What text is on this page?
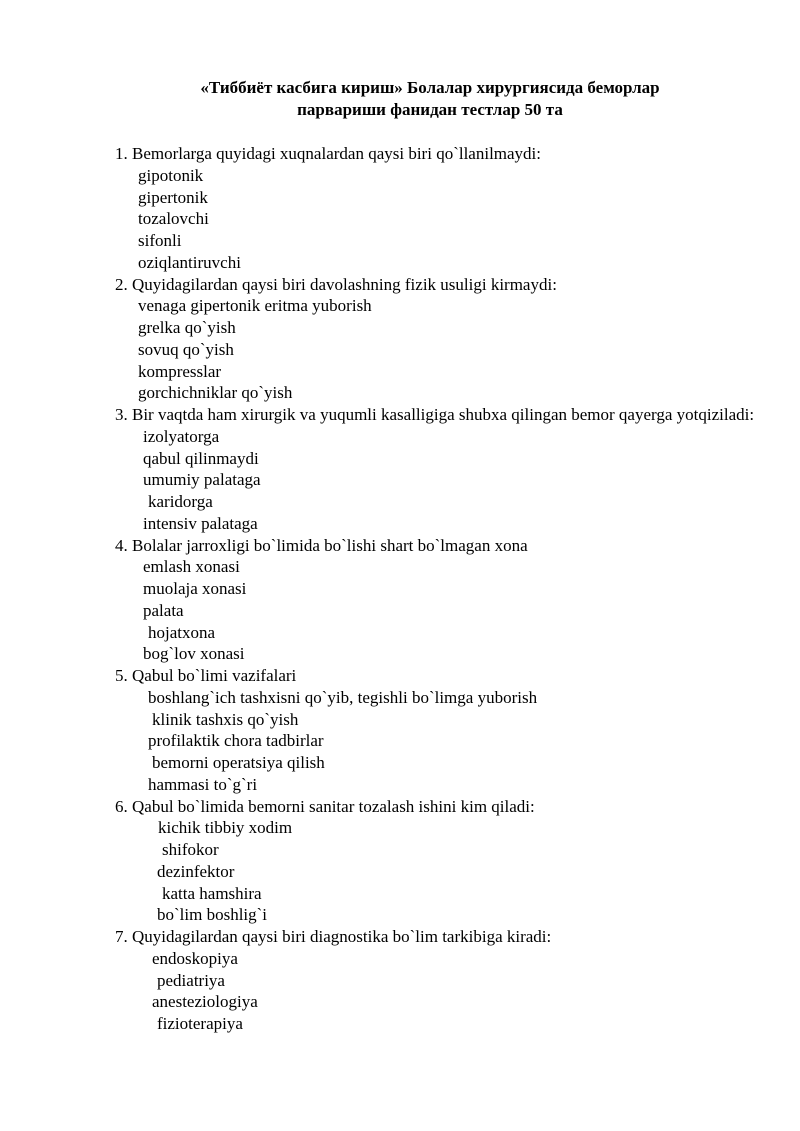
«Тиббиёт касбига кириш» Болалар хирургиясида беморлар
парвариши фанидан тестлар 50 та
1. Bemorlarga quyidagi xuqnalardan qaysi biri qo`llanilmaydi:
gipotonik
gipertonik
tozalovchi
sifonli
oziqlantiruvchi
2. Quyidagilardan qaysi biri davolashning fizik usuligi kirmaydi:
venaga gipertonik eritma yuborish
grelka qo`yish
sovuq qo`yish
kompresslar
gorchichniklar qo`yish
3. Bir vaqtda ham xirurgik va yuqumli kasalligiga shubxa qilingan bemor qayerga yotqiziladi:
izolyatorga
qabul qilinmaydi
umumiy palataga
karidorga
intensiv palataga
4. Bolalar jarroxligi bo`limida bo`lishi shart bo`lmagan xona
emlash xonasi
muolaja xonasi
palata
hojatxona
bog`lov xonasi
5. Qabul bo`limi vazifalari
boshlang`ich tashxisni qo`yib, tegishli bo`limga yuborish
klinik tashxis qo`yish
profilaktik chora tadbirlar
bemorni operatsiya qilish
hammasi to`g`ri
6. Qabul bo`limida bemorni sanitar tozalash ishini kim qiladi:
kichik tibbiy xodim
shifokor
dezinfektor
katta hamshira
bo`lim boshlig`i
7. Quyidagilardan qaysi biri diagnostika bo`lim tarkibiga kiradi:
endoskopiya
pediatriya
anesteziologiya
fizioterapiya
